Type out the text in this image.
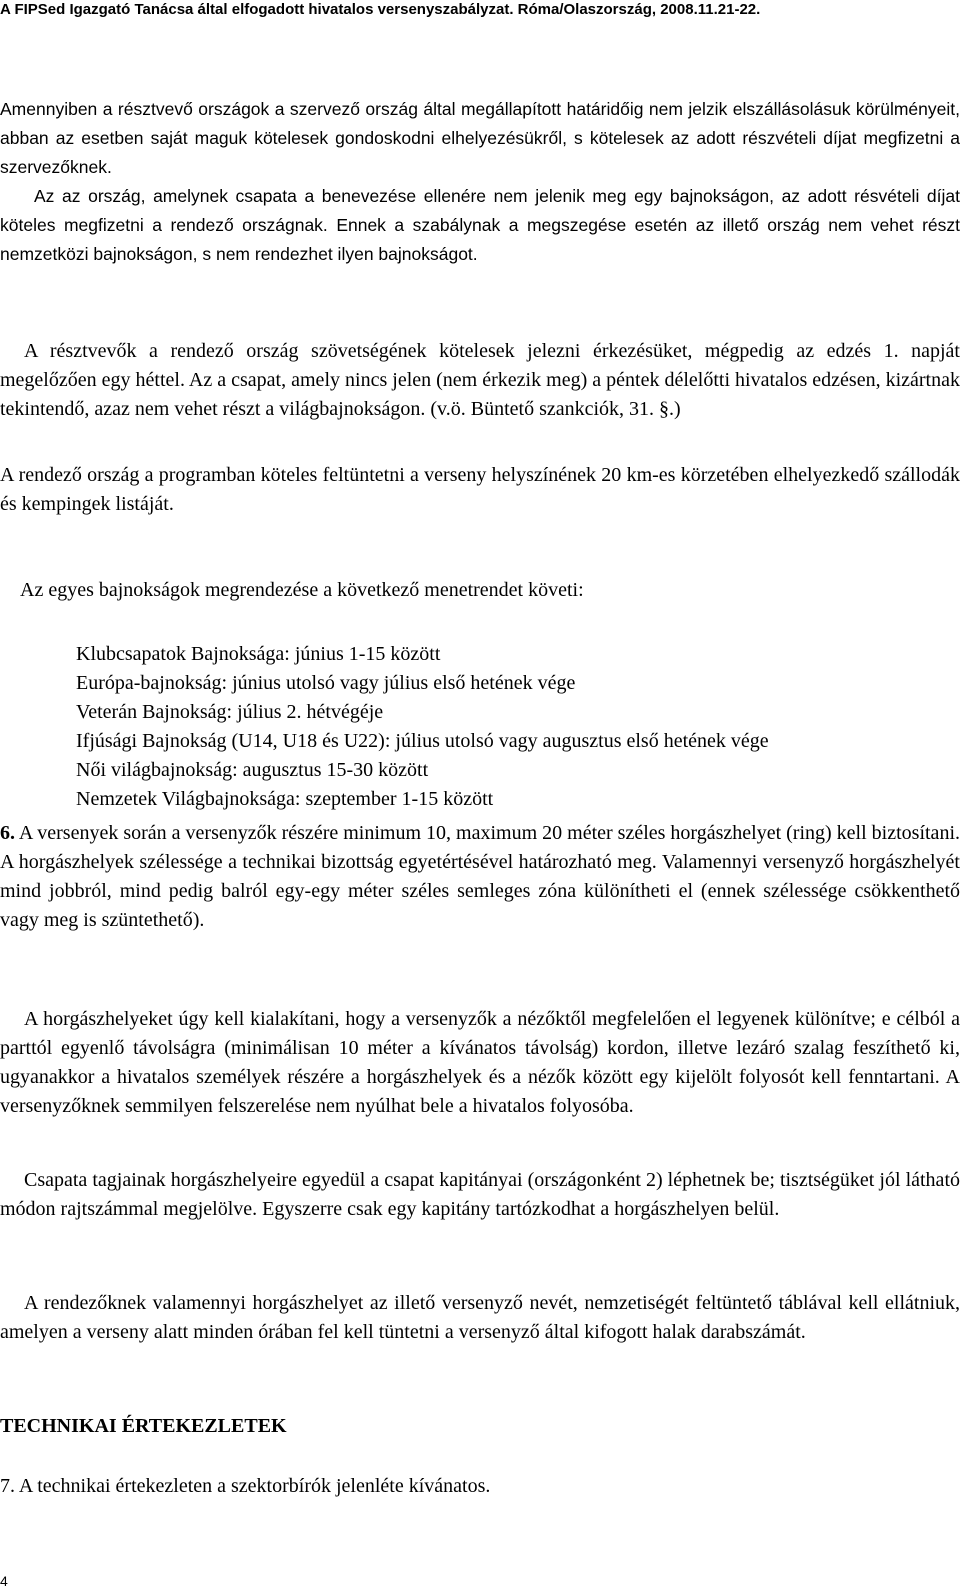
A FIPSed Igazgató Tanácsa által elfogadott hivatalos versenyszabályzat. Róma/Olaszország, 2008.11.21-22.
Amennyiben a résztvevő országok a szervező ország által megállapított határidőig nem jelzik elszállásolásuk körülményeit, abban az esetben saját maguk kötelesek gondoskodni elhelyezésükről, s kötelesek az adott részvételi díjat megfizetni a szervezőknek.
Az az ország, amelynek csapata a benevezése ellenére nem jelenik meg egy bajnokságon, az adott résvételi díjat köteles megfizetni a rendező országnak. Ennek a szabálynak a megszegése esetén az illető ország nem vehet részt nemzetközi bajnokságon, s nem rendezhet ilyen bajnokságot.
A résztvevők a rendező ország szövetségének kötelesek jelezni érkezésüket, mégpedig az edzés 1. napját megelőzően egy héttel. Az a csapat, amely nincs jelen (nem érkezik meg) a péntek délelőtti hivatalos edzésen, kizártnak tekintendő, azaz nem vehet részt a világbajnokságon. (v.ö. Büntető szankciók, 31. §.)
A rendező ország a programban köteles feltüntetni a verseny helyszínének 20 km-es körzetében elhelyezkedő szállodák és kempingek listáját.
Az egyes bajnokságok megrendezése a következő menetrendet követi:
Klubcsapatok Bajnoksága: június 1-15 között
Európa-bajnokság: június utolsó vagy július első hetének vége
Veterán Bajnokság: július 2. hétvégéje
Ifjúsági Bajnokság (U14, U18 és U22): július utolsó vagy augusztus első hetének vége
Női világbajnokság: augusztus 15-30 között
Nemzetek Világbajnoksága: szeptember 1-15 között
6. A versenyek során a versenyzők részére minimum 10, maximum 20 méter széles horgászhelyet (ring) kell biztosítani. A horgászhelyek szélessége a technikai bizottság egyetértésével határozható meg. Valamennyi versenyző horgászhelyét mind jobbról, mind pedig balról egy-egy méter széles semleges zóna különítheti el (ennek szélessége csökkenthető vagy meg is szüntethető).
A horgászhelyeket úgy kell kialakítani, hogy a versenyzők a nézőktől megfelelően el legyenek különítve; e célból a parttól egyenlő távolságra (minimálisan 10 méter a kívánatos távolság) kordon, illetve lezáró szalag feszíthető ki, ugyanakkor a hivatalos személyek részére a horgászhelyek és a nézők között egy kijelölt folyosót kell fenntartani. A versenyzőknek semmilyen felszerelése nem nyúlhat bele a hivatalos folyosóba.
Csapata tagjainak horgászhelyeire egyedül a csapat kapitányai (országonként 2) léphetnek be; tisztségüket jól látható módon rajtszámmal megjelölve. Egyszerre csak egy kapitány tartózkodhat a horgászhelyen belül.
A rendezőknek valamennyi horgászhelyet az illető versenyző nevét, nemzetiségét feltüntető táblával kell ellátniuk, amelyen a verseny alatt minden órában fel kell tüntetni a versenyző által kifogott halak darabszámát.
TECHNIKAI ÉRTEKEZLETEK
7. A technikai értekezleten a szektorbírók jelenléte kívánatos.
4
